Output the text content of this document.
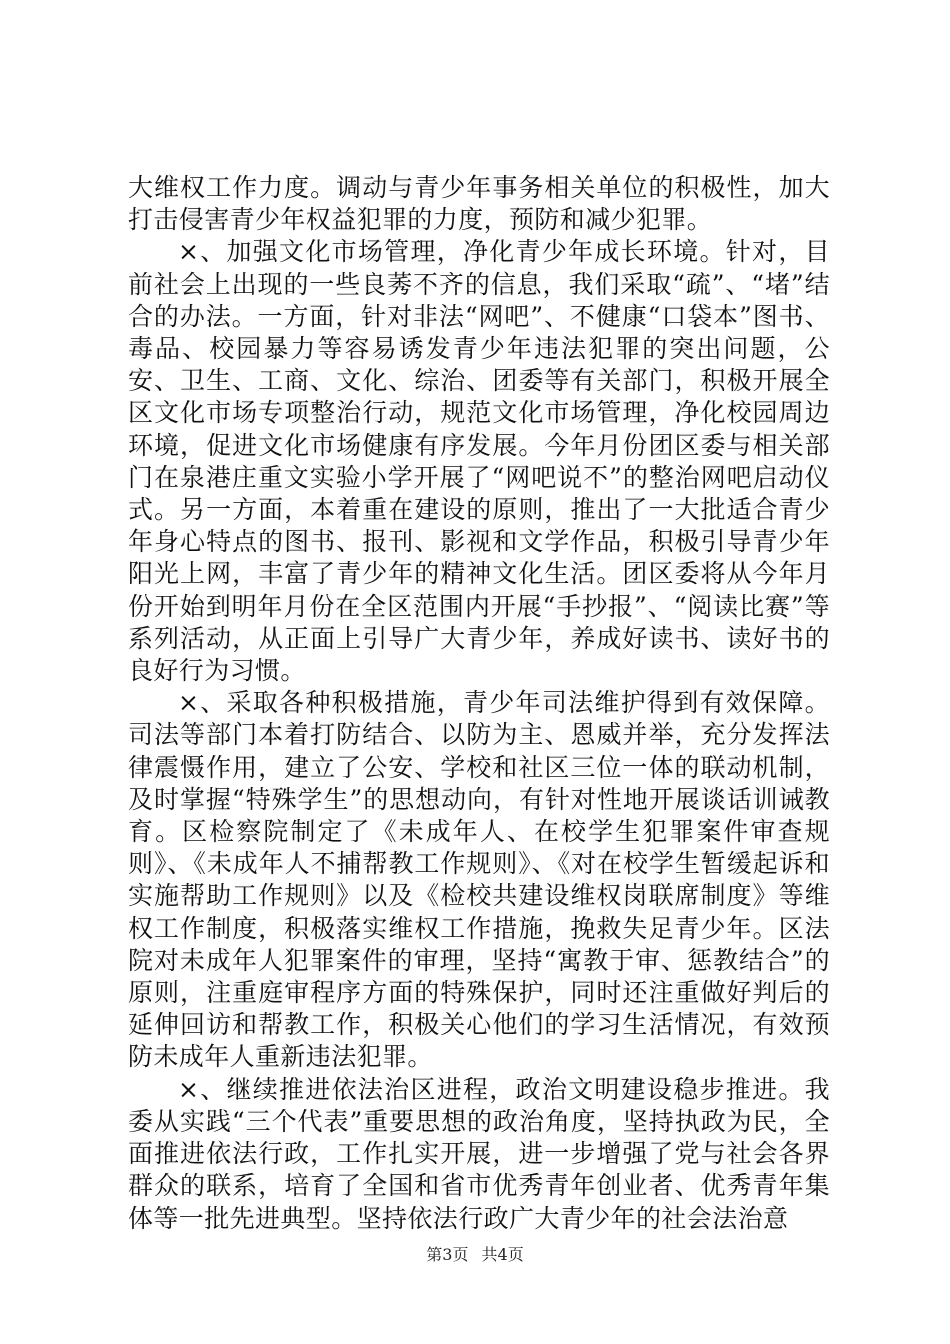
大维权工作力度。调动与青少年事务相关单位的积极性，加大打击侵害青少年权益犯罪的力度，预防和减少犯罪。

×、加强文化市场管理，净化青少年成长环境。针对，目前社会上出现的一些良莠不齐的信息，我们采取“疏”、“堵”结合的办法。一方面，针对非法“网吧”、不健康“口袋本”图书、毒品、校园暴力等容易诱发青少年违法犯罪的突出问题，公安、卫生、工商、文化、综治、团委等有关部门，积极开展全区文化市场专项整治行动，规范文化市场管理，净化校园周边环境，促进文化市场健康有序发展。今年月份团区委与相关部门在泉港庄重文实验小学开展了“网吧说不”的整治网吧启动仪式。另一方面，本着重在建设的原则，推出了一大批适合青少年身心特点的图书、报刊、影视和文学作品，积极引导青少年阳光上网，丰富了青少年的精神文化生活。团区委将从今年月份开始到明年月份在全区范围内开展“手抄报”、“阅读比赛”等系列活动，从正面上引导广大青少年，养成好读书、读好书的良好行为习惯。

×、采取各种积极措施，青少年司法维护得到有效保障。司法等部门本着打防结合、以防为主、恩威并举，充分发挥法律震慑作用，建立了公安、学校和社区三位一体的联动机制，及时掌握“特殊学生”的思想动向，有针对性地开展谈话训诫教育。区检察院制定了《未成年人、在校学生犯罪案件审查规则》、《未成年人不捕帮教工作规则》、《对在校学生暂缓起诉和实施帮助工作规则》以及《检校共建设维权岗联席制度》等维权工作制度，积极落实维权工作措施，挽救失足青少年。区法院对未成年人犯罪案件的审理，坚持“寓教于审、惩教结合”的原则，注重庭审程序方面的特殊保护，同时还注重做好判后的延伸回访和帮教工作，积极关心他们的学习生活情况，有效预防未成年人重新违法犯罪。

×、继续推进依法治区进程，政治文明建设稳步推进。我委从实践“三个代表”重要思想的政治角度，坚持执政为民，全面推进依法行政，工作扎实开展，进一步增强了党与社会各界群众的联系，培育了全国和省市优秀青年创业者、优秀青年集体等一批先进典型。坚持依法行政广大青少年的社会法治意

第3页 共4页
